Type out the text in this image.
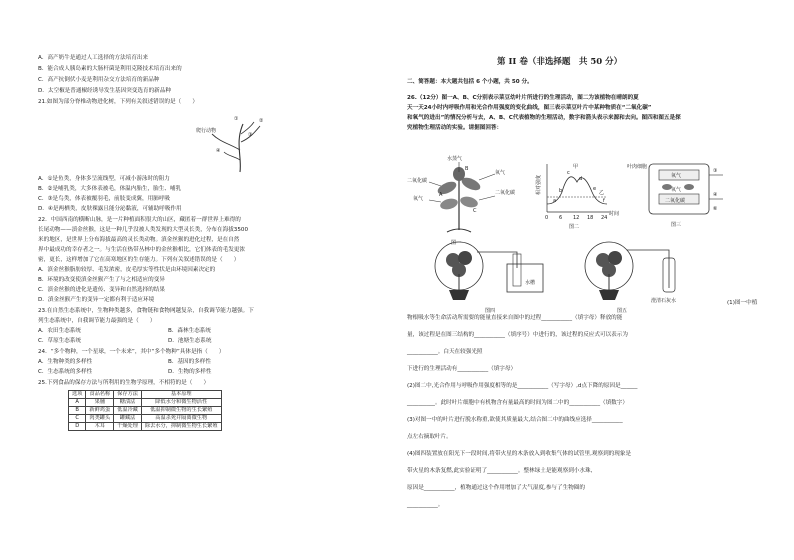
A．高产奶牛是通过人工选择的方法培育出来
B．能合成人胰岛素的大肠杆菌是利用克隆技术培育出来的
C．高产抗倒伏小麦是利用杂交方法培育的新品种
D．太空椒是普通椒经诱导发生基因突变选育的新品种
21.如图为部分脊椎动物进化树，下列有关叙述错误的是（　　）
爬行动物
①	②
③
④
A．①是鱼类，身体多呈流线型，可减小游泳时的阻力
B．②是哺乳类，大多体表被毛，体温内胎生，胎生、哺乳
C．③是鸟类，体表被覆羽毛，前肢变成翼，用肺呼吸
D．④是两栖类，皮肤裸露且能分泌黏液，可辅助呼吸作用
22．中国西南的横断山脉，是一片种植面积很大的山区，藏匿着一群世界上难得的
长尾动物——滇金丝猴，这是一种几乎没被人类发现的大型灵长类，分布在海拔3500
米的地区，是世界上分布海拔最高的灵长类动物。滇金丝猴的进化过程，是在自然
界中最成功的幸存者之一。与生活在热带丛林中的金丝猴相比，它们体表的毛发更浓
密，更长，这样增加了它在高寒地区的生存能力。下列有关叙述错误的是（　　）
A．滇金丝猴脂肪较厚、毛发浓密，皮毛厚实等性状是由环境因素决定的
B．环境的改变使滇金丝猴产生了与之相适应的变异
C．滇金丝猴的进化是遗传、变异和自然选择的结果
D．滇金丝猴产生的变异一定都有利于适应环境
23.在自然生态系统中，生物种类越多，食物链和食物网越复杂，自我调节能力越强。下
列生态系统中，自我调节能力最强的是（　　）
A．农田生态系统	B．森林生态系统
C．草原生态系统	D．池塘生态系统
24．“多个物种，一个星球，一个未来”，其中“多个物种”具体是指（　　）
A．生物种类的多样性	B．基因的多样性
C．生态系统的多样性	D．生物的多样性
25.下列食品的保存方法与所利用的生物学原理，不相符的是（　　）
选项	食品名称	保存方法	基本原理
A	果脯	糖渍法	降低水分和微生物活性
B	新鲜鸡蛋	低温冷藏	低温抑制微生物的生长繁殖
C	肉类罐头	罐藏法	高温杀死并隔离微生物
D	木耳	干燥处理	除去水分，抑制微生物生长繁殖
第 II 卷（非选择题　共 50 分）
二、简答题：本大题共包括 6 个小题，共 50 分。
26.（12分）图一A、B、C分别表示菜豆幼叶片所进行的生理活动，图二为该植物在晴朗的夏
天一天24小时内呼吸作用和光合作用强度的变化曲线，图三表示菜豆叶片中某种物质在“二氧化碳”
和氧气的进出”的情况分析与去，A、B、C代表植物的生理活动，数字和箭头表示来源和去向。图四和图五是探
究植物生理活动的实验。请据图回答：
水蒸气
二氧化碳
氧气
氧气
二氧化碳
A
B
C
图一
相对强度
甲
乙
0 6 12 18 24
时间
a
b
c
d
e
f
图二
叶肉细胞
氧气
二氧化碳
③
氧气
④
⑥
图三
水槽
图四
澄清石灰水
图五
(1)图一中植
物根吸水等生命活动所需要的能量直接来自图中的过程___________（填字母）释放的能
量，该过程是在图三结构的___________（填序号）中进行的，该过程的反应式可以表示为
___________。白天在较强光照
下进行的生理活动有___________（填字母）
(2)图二中,光合作用与呼吸作用强度相等的是___________（写字母）,d点下降的原因是______
__________。此时叶片细胞中有机物含有量最高的时间为图二中的___________（填数字）
(3)对图一中的叶片进行脱水称重,欲使其质量最大,结合图二中的曲线应选择___________
点左右摘取叶片。
(4)图四装置放在阳光下一段时间,将带火星的木条放入到收集气体的试管里,观察到的现象是
带火星的木条复燃,此实验证明了___________。整林绿土是能观察到小水珠,
原因是___________，植物通过这个作用增加了大气湿度,参与了生物圈的
___________。
